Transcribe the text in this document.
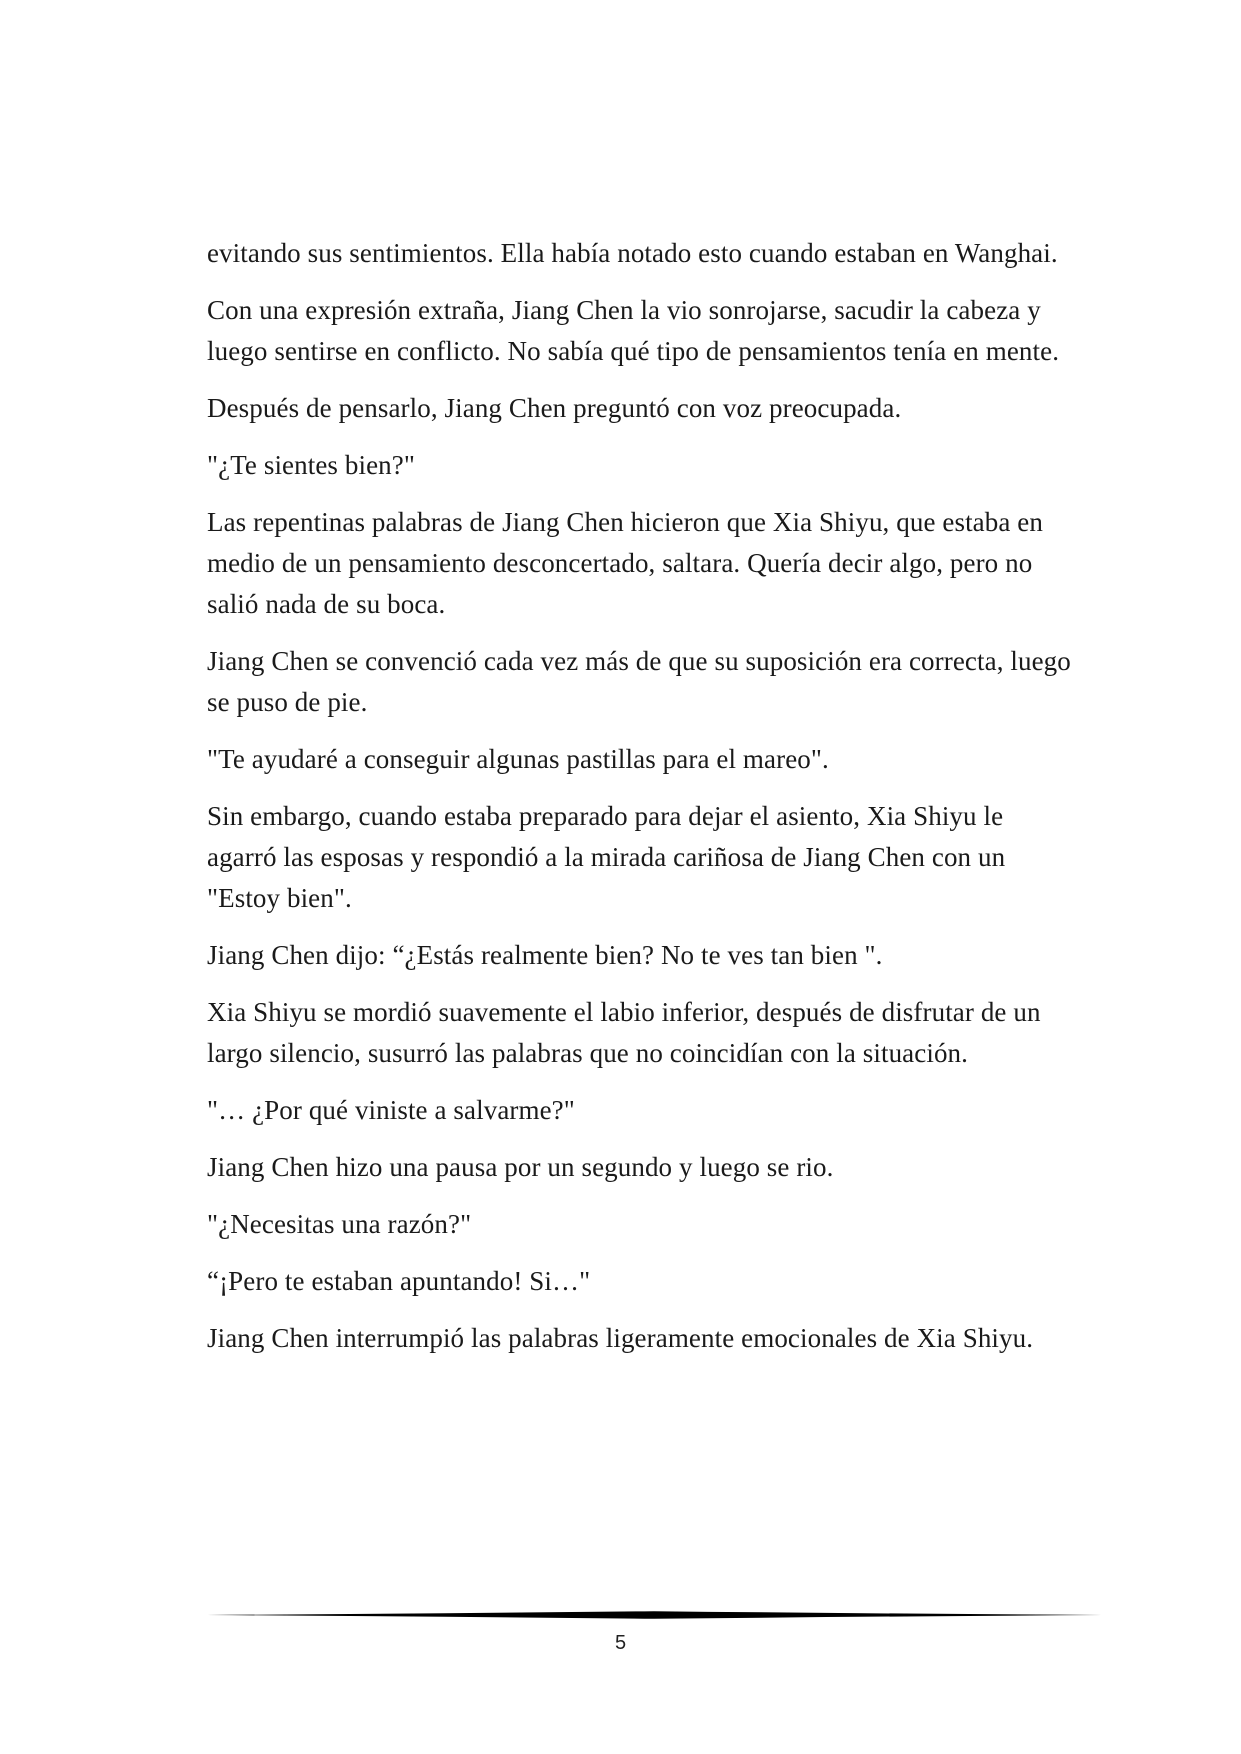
evitando sus sentimientos. Ella había notado esto cuando estaban en Wanghai.

Con una expresión extraña, Jiang Chen la vio sonrojarse, sacudir la cabeza y luego sentirse en conflicto. No sabía qué tipo de pensamientos tenía en mente.

Después de pensarlo, Jiang Chen preguntó con voz preocupada.

"¿Te sientes bien?"

Las repentinas palabras de Jiang Chen hicieron que Xia Shiyu, que estaba en medio de un pensamiento desconcertado, saltara. Quería decir algo, pero no salió nada de su boca.

Jiang Chen se convenció cada vez más de que su suposición era correcta, luego se puso de pie.

"Te ayudaré a conseguir algunas pastillas para el mareo".

Sin embargo, cuando estaba preparado para dejar el asiento, Xia Shiyu le agarró las esposas y respondió a la mirada cariñosa de Jiang Chen con un "Estoy bien".

Jiang Chen dijo: “¿Estás realmente bien? No te ves tan bien ".

Xia Shiyu se mordió suavemente el labio inferior, después de disfrutar de un largo silencio, susurró las palabras que no coincidían con la situación.

"… ¿Por qué viniste a salvarme?"

Jiang Chen hizo una pausa por un segundo y luego se rio.

"¿Necesitas una razón?"

“¡Pero te estaban apuntando! Si…"

Jiang Chen interrumpió las palabras ligeramente emocionales de Xia Shiyu.

5
